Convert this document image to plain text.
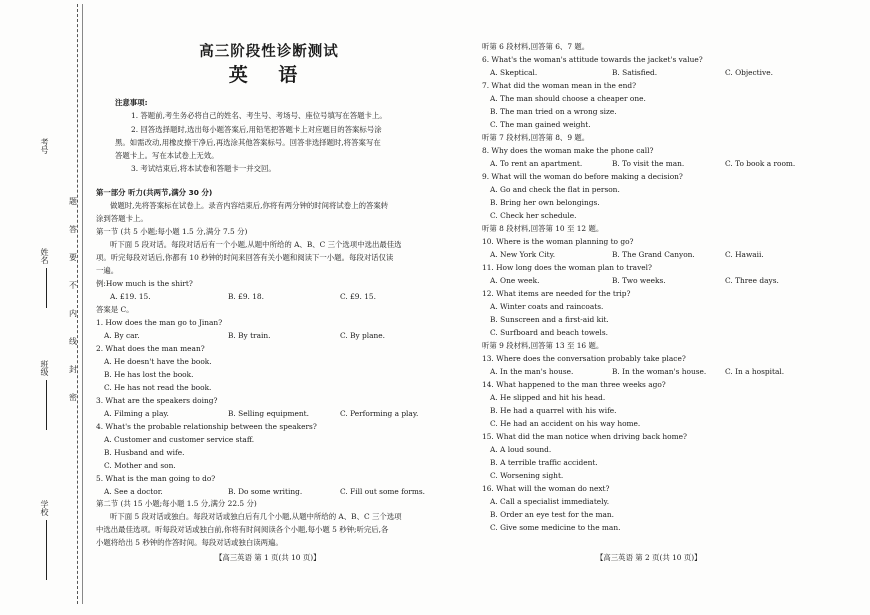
考号
姓名
班级
学校
题
答
要
不
内
线
封
密
高三阶段性诊断测试
英 语
注意事项:
1. 答题前,考生务必将自己的姓名、考生号、考场号、座位号填写在答题卡上。
2. 回答选择题时,选出每小题答案后,用铅笔把答题卡上对应题目的答案标号涂
黑。如需改动,用橡皮擦干净后,再选涂其他答案标号。回答非选择题时,将答案写在
答题卡上。写在本试卷上无效。
3. 考试结束后,将本试卷和答题卡一并交回。
第一部分 听力(共两节,满分 30 分)
做题时,先将答案标在试卷上。录音内容结束后,你将有两分钟的时间将试卷上的答案转
涂到答题卡上。
第一节 (共 5 小题;每小题 1.5 分,满分 7.5 分)
听下面 5 段对话。每段对话后有一个小题,从题中所给的 A、B、C 三个选项中选出最佳选
项。听完每段对话后,你都有 10 秒钟的时间来回答有关小题和阅读下一小题。每段对话仅读
一遍。
例:How much is the shirt?
A. £19. 15.	B. £9. 18.	C. £9. 15.
答案是 C。
1. How does the man go to Jinan?
A. By car.	B. By train.	C. By plane.
2. What does the man mean?
A. He doesn't have the book.
B. He has lost the book.
C. He has not read the book.
3. What are the speakers doing?
A. Filming a play.	B. Selling equipment.	C. Performing a play.
4. What's the probable relationship between the speakers?
A. Customer and customer service staff.
B. Husband and wife.
C. Mother and son.
5. What is the man going to do?
A. See a doctor.	B. Do some writing.	C. Fill out some forms.
第二节 (共 15 小题;每小题 1.5 分,满分 22.5 分)
听下面 5 段对话或独白。每段对话或独白后有几个小题,从题中所给的 A、B、C 三个选项
中选出最佳选项。听每段对话或独白前,你将有时间阅读各个小题,每小题 5 秒钟;听完后,各
小题将给出 5 秒钟的作答时间。每段对话或独白读两遍。
听第 6 段材料,回答第 6、7 题。
6. What's the woman's attitude towards the jacket's value?
A. Skeptical.	B. Satisfied.	C. Objective.
7. What did the woman mean in the end?
A. The man should choose a cheaper one.
B. The man tried on a wrong size.
C. The man gained weight.
听第 7 段材料,回答第 8、9 题。
8. Why does the woman make the phone call?
A. To rent an apartment.	B. To visit the man.	C. To book a room.
9. What will the woman do before making a decision?
A. Go and check the flat in person.
B. Bring her own belongings.
C. Check her schedule.
听第 8 段材料,回答第 10 至 12 题。
10. Where is the woman planning to go?
A. New York City.	B. The Grand Canyon.	C. Hawaii.
11. How long does the woman plan to travel?
A. One week.	B. Two weeks.	C. Three days.
12. What items are needed for the trip?
A. Winter coats and raincoats.
B. Sunscreen and a first-aid kit.
C. Surfboard and beach towels.
听第 9 段材料,回答第 13 至 16 题。
13. Where does the conversation probably take place?
A. In the man's house.	B. In the woman's house.	C. In a hospital.
14. What happened to the man three weeks ago?
A. He slipped and hit his head.
B. He had a quarrel with his wife.
C. He had an accident on his way home.
15. What did the man notice when driving back home?
A. A loud sound.
B. A terrible traffic accident.
C. Worsening sight.
16. What will the woman do next?
A. Call a specialist immediately.
B. Order an eye test for the man.
C. Give some medicine to the man.
【高三英语 第 1 页(共 10 页)】	【高三英语 第 2 页(共 10 页)】
